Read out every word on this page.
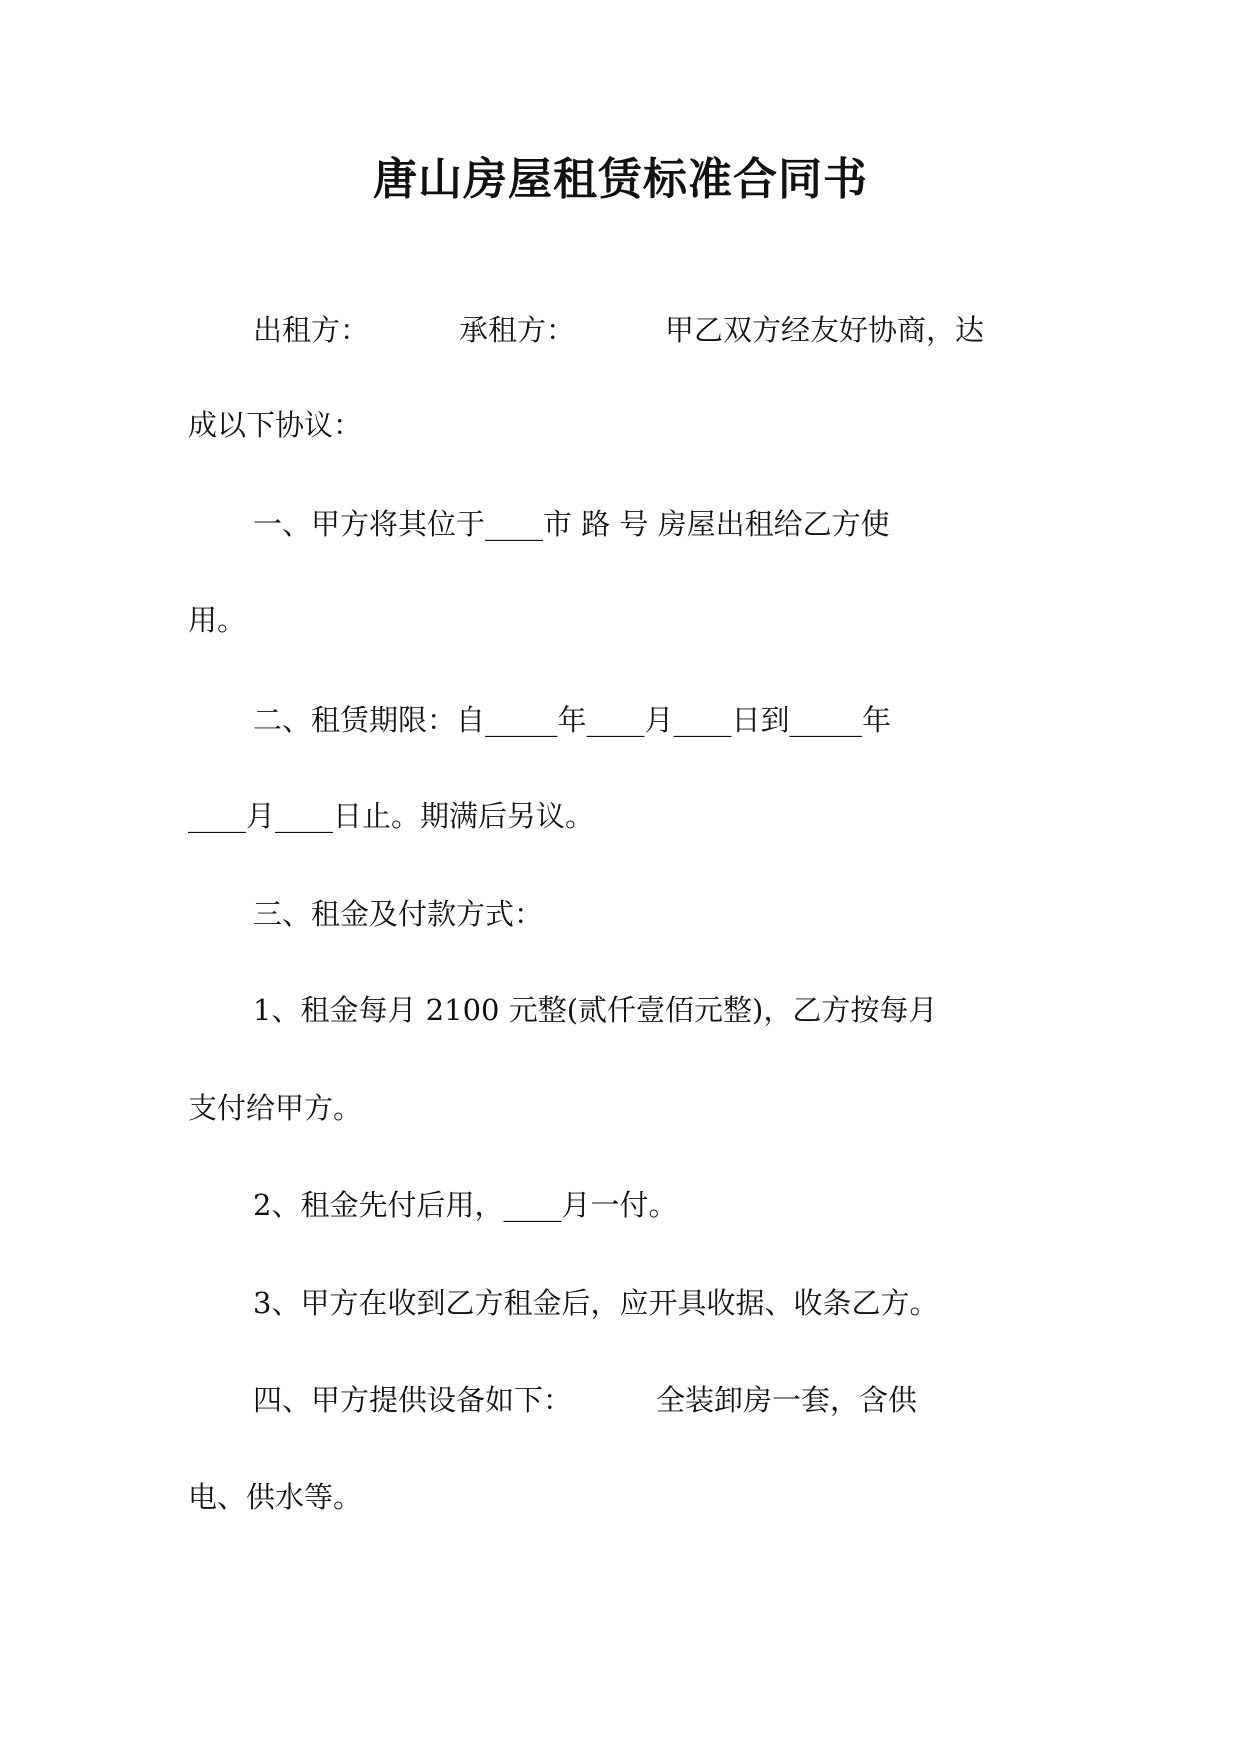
唐山房屋租赁标准合同书
出租方：	承租方：	甲乙双方经友好协商，达
成以下协议：
一、甲方将其位于____市 路 号 房屋出租给乙方使
用。
二、租赁期限：自_____年____月____日到_____年
____月____日止。期满后另议。
三、租金及付款方式：
1、租金每月 2100 元整(贰仟壹佰元整)，乙方按每月
支付给甲方。
2、租金先付后用，____月一付。
3、甲方在收到乙方租金后，应开具收据、收条乙方。
四、甲方提供设备如下：	全装卸房一套，含供
电、供水等。
